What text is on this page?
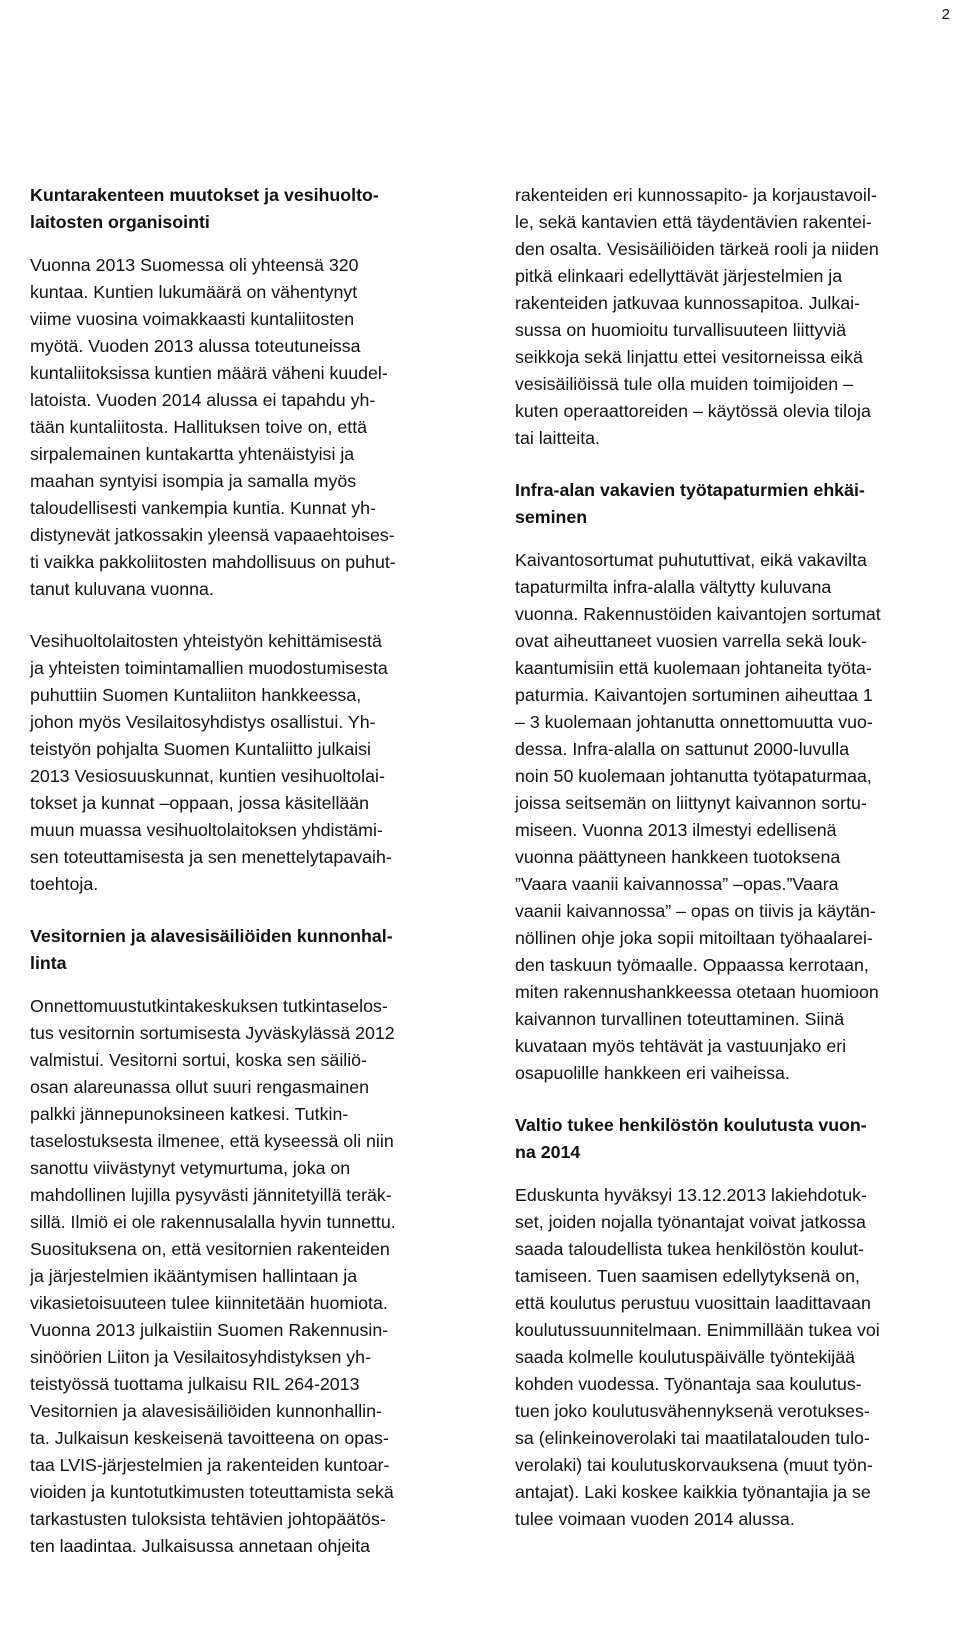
2
Kuntarakenteen muutokset ja vesihuolto-
laitosten organisointi
Vuonna 2013 Suomessa oli yhteensä 320
kuntaa. Kuntien lukumäärä on vähentynyt
viime vuosina voimakkaasti kuntaliitosten
myötä. Vuoden 2013 alussa toteutuneissa
kuntaliitoksissa kuntien määrä väheni kuudel-
latoista. Vuoden 2014 alussa ei tapahdu yh-
tään kuntaliitosta. Hallituksen toive on, että
sirpalemainen kuntakartta yhtenäistyisi ja
maahan syntyisi isompia ja samalla myös
taloudellisesti vankempia kuntia. Kunnat yh-
distynevät jatkossakin yleensä vapaaehtoises-
ti vaikka pakkoliitosten mahdollisuus on puhut-
tanut kuluvana vuonna.
Vesihuoltolaitosten yhteistyön kehittämisestä
ja yhteisten toimintamallien muodostumisesta
puhuttiin Suomen Kuntaliiton hankkeessa,
johon myös Vesilaitosyhdistys osallistui. Yh-
teistyön pohjalta Suomen Kuntaliitto julkaisi
2013 Vesiosuuskunnat, kuntien vesihuoltolai-
tokset ja kunnat –oppaan, jossa käsitellään
muun muassa vesihuoltolaitoksen yhdistämi-
sen toteuttamisesta ja sen menettelytapavaih-
toehtoja.
Vesitornien ja alavesisäiliöiden kunnonhal-
linta
Onnettomuustutkintakeskuksen tutkintaselos-
tus vesitornin sortumisesta Jyväskylässä 2012
valmistui. Vesitorni sortui, koska sen säiliö-
osan alareunassa ollut suuri rengasmainen
palkki jännepunoksineen katkesi. Tutkin-
taselostuksesta ilmenee, että kyseessä oli niin
sanottu viivästynyt vetymurtuma, joka on
mahdollinen lujilla pysyvästi jännitetyillä teräk-
sillä. Ilmiö ei ole rakennusalalla hyvin tunnettu.
Suosituksena on, että vesitornien rakenteiden
ja järjestelmien ikääntymisen hallintaan ja
vikasietoisuuteen tulee kiinnitetään huomiota.
Vuonna 2013 julkaistiin Suomen Rakennusin-
sinöörien Liiton ja Vesilaitosyhdistyksen yh-
teistyössä tuottama julkaisu RIL 264-2013
Vesitornien ja alavesisäiliöiden kunnonhallin-
ta. Julkaisun keskeisenä tavoitteena on opas-
taa LVIS-järjestelmien ja rakenteiden kuntoar-
vioiden ja kuntotutkimusten toteuttamista sekä
tarkastusten tuloksista tehtävien johtopäätös-
ten laadintaa. Julkaisussa annetaan ohjeita
rakenteiden eri kunnossapito- ja korjaustavoil-
le, sekä kantavien että täydentävien rakentei-
den osalta. Vesisäiliöiden tärkeä rooli ja niiden
pitkä elinkaari edellyttävät järjestelmien ja
rakenteiden jatkuvaa kunnossapitoa. Julkai-
sussa on huomioitu turvallisuuteen liittyviä
seikkoja sekä linjattu ettei vesitorneissa eikä
vesisäiliöissä tule olla muiden toimijoiden –
kuten operaattoreiden – käytössä olevia tiloja
tai laitteita.
Infra-alan vakavien työtapaturmien ehkäi-
seminen
Kaivantosortumat puhututtivat, eikä vakavilta
tapaturmilta infra-alalla vältytty kuluvana
vuonna. Rakennustöiden kaivantojen sortumat
ovat aiheuttaneet vuosien varrella sekä louk-
kaantumisiin että kuolemaan johtaneita työta-
paturmia. Kaivantojen sortuminen aiheuttaa 1
– 3 kuolemaan johtanutta onnettomuutta vuo-
dessa. Infra-alalla on sattunut 2000-luvulla
noin 50 kuolemaan johtanutta työtapaturmaa,
joissa seitsemän on liittynyt kaivannon sortu-
miseen. Vuonna 2013 ilmestyi edellisenä
vuonna päättyneen hankkeen tuotoksena
”Vaara vaanii kaivannossa” –opas.”Vaara
vaanii kaivannossa” – opas on tiivis ja käytän-
nöllinen ohje joka sopii mitoiltaan työhaalarei-
den taskuun työmaalle. Oppaassa kerrotaan,
miten rakennushankkeessa otetaan huomioon
kaivannon turvallinen toteuttaminen. Siinä
kuvataan myös tehtävät ja vastuunjako eri
osapuolille hankkeen eri vaiheissa.
Valtio tukee henkilöstön koulutusta vuon-
na 2014
Eduskunta hyväksyi 13.12.2013 lakiehdotuk-
set, joiden nojalla työnantajat voivat jatkossa
saada taloudellista tukea henkilöstön koulut-
tamiseen. Tuen saamisen edellytyksenä on,
että koulutus perustuu vuosittain laadittavaan
koulutussuunnitelmaan. Enimmillään tukea voi
saada kolmelle koulutuspäivälle työntekijää
kohden vuodessa. Työnantaja saa koulutus-
tuen joko koulutusvähennyksenä verotukses-
sa (elinkeinoverolaki tai maatilatalouden tulo-
verolaki) tai koulutuskorvauksena (muut työn-
antajat). Laki koskee kaikkia työnantajia ja se
tulee voimaan vuoden 2014 alussa.
